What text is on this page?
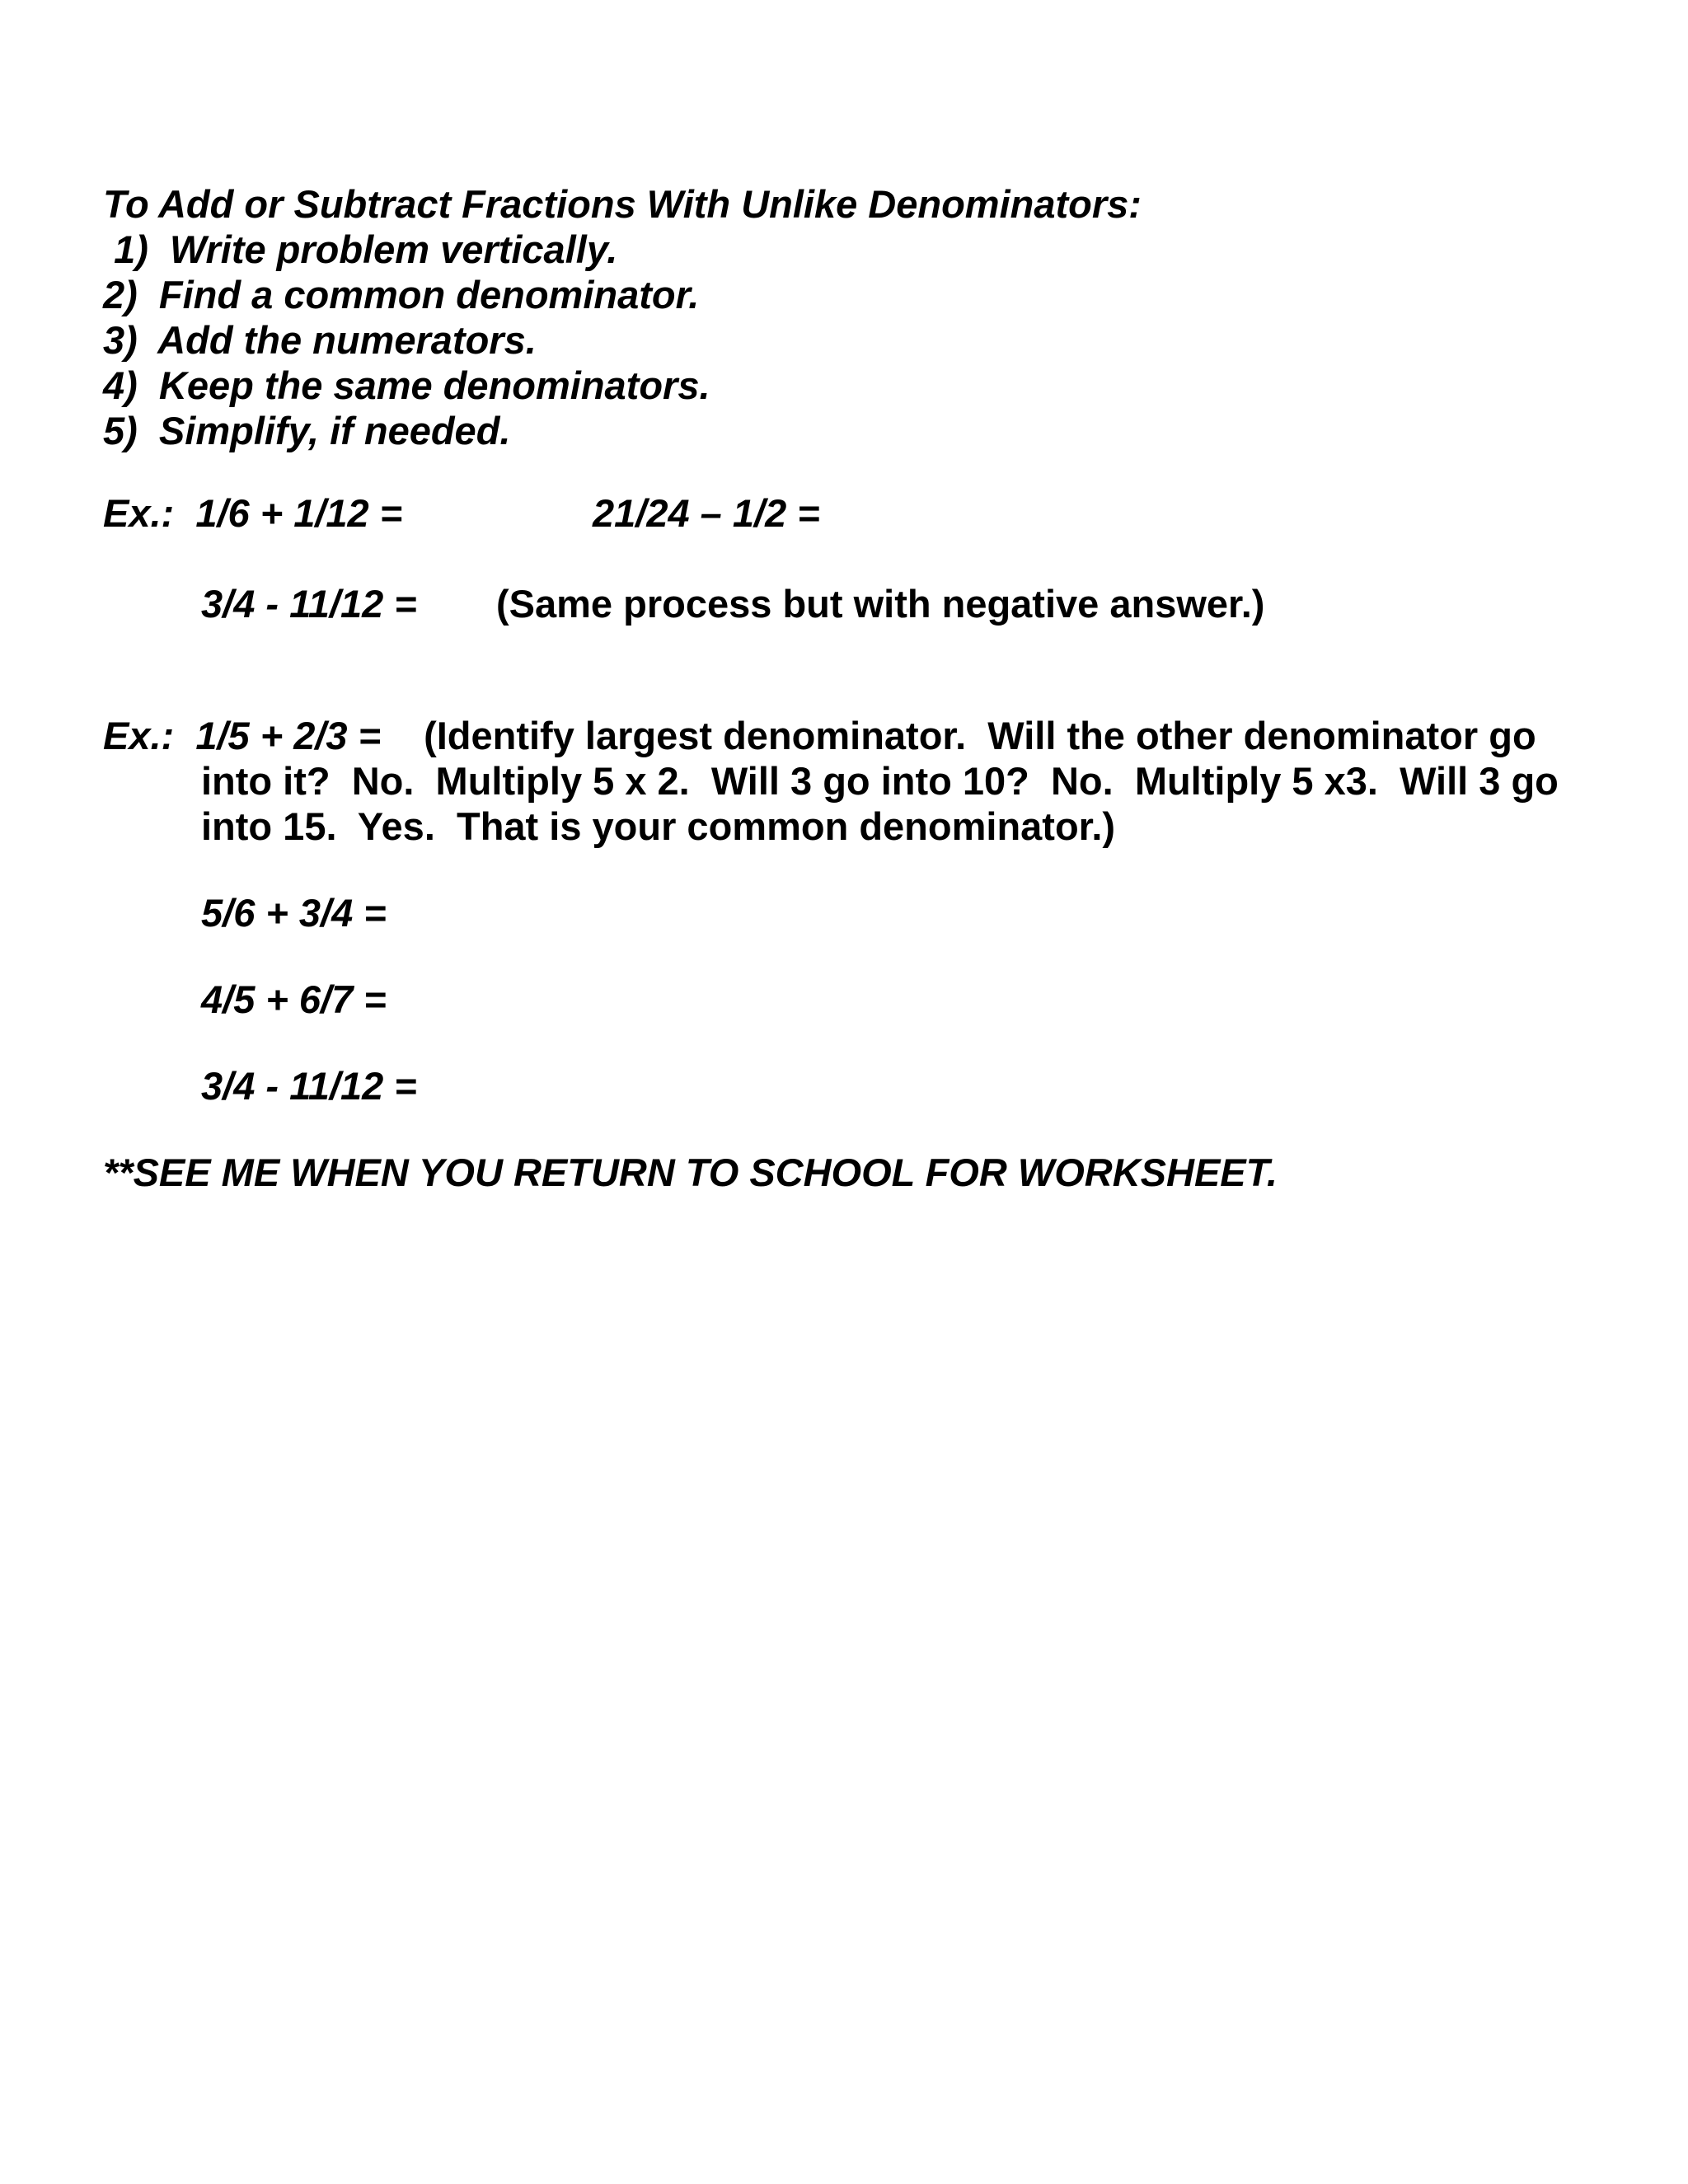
To Add or Subtract Fractions With Unlike Denominators:
1)  Write problem vertically.
2)  Find a common denominator.
3)  Add the numerators.
4)  Keep the same denominators.
5)  Simplify, if needed.
Ex.:  1/6 + 1/12 =	21/24 – 1/2 =
3/4 - 11/12 = (Same process but with negative answer.)

Ex.:  1/5 + 2/3 = (Identify largest denominator.  Will the other denominator go into it?  No.  Multiply 5 x 2.  Will 3 go into 10?  No.  Multiply 5 x3.  Will 3 go into 15.  Yes.  That is your common denominator.)

5/6 + 3/4 =
4/5 + 6/7 =
3/4 - 11/12 =
**SEE ME WHEN YOU RETURN TO SCHOOL FOR WORKSHEET.
